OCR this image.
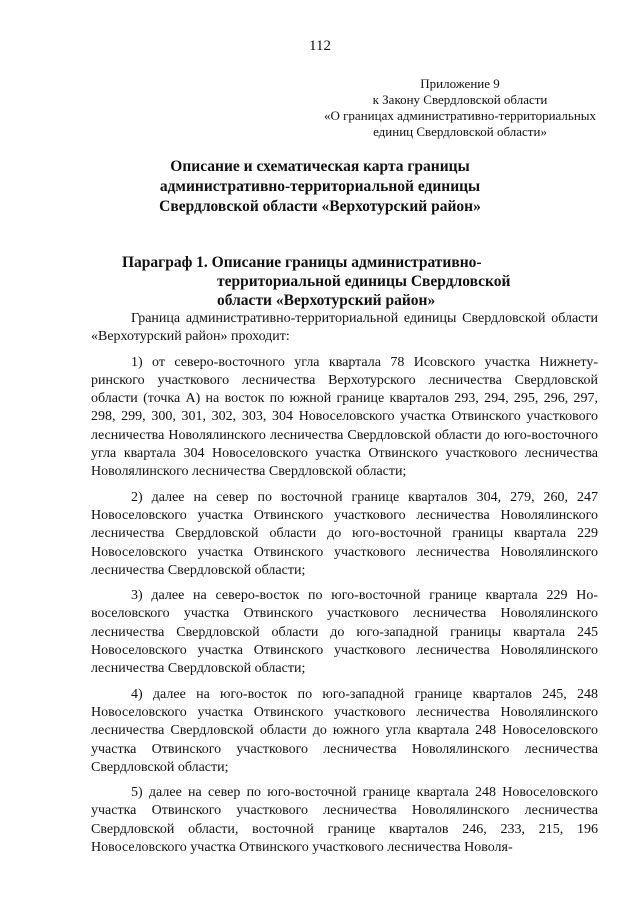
112
Приложение 9
к Закону Свердловской области
«О границах административно-территориальных
единиц Свердловской области»
Описание и схематическая карта границы
административно-территориальной единицы
Свердловской области «Верхотурский район»
Параграф 1. Описание границы административно-
территориальной единицы Свердловской
области «Верхотурский район»

Граница административно-территориальной единицы Свердловской области «Верхотурский район» проходит:

1) от северо-восточного угла квартала 78 Исовского участка Нижнетуринского участкового лесничества Верхотурского лесничества Свердловской области (точка А) на восток по южной границе кварталов 293, 294, 295, 296, 297, 298, 299, 300, 301, 302, 303, 304 Новоселовского участка Отвинского участкового лесничества Новолялинского лесничества Свердловской области до юго-восточного угла квартала 304 Новоселовского участка Отвинского участкового лесничества Новолялинского лесничества Свердловской области;

2) далее на север по восточной границе кварталов 304, 279, 260, 247 Новоселовского участка Отвинского участкового лесничества Новолялинского лесничества Свердловской области до юго-восточной границы квартала 229 Новоселовского участка Отвинского участкового лесничества Новолялинского лесничества Свердловской области;

3) далее на северо-восток по юго-восточной границе квартала 229 Новоселовского участка Отвинского участкового лесничества Новолялинского лесничества Свердловской области до юго-западной границы квартала 245 Новоселовского участка Отвинского участкового лесничества Новолялинского лесничества Свердловской области;

4) далее на юго-восток по юго-западной границе кварталов 245, 248 Новоселовского участка Отвинского участкового лесничества Новолялинского лесничества Свердловской области до южного угла квартала 248 Новоселовского участка Отвинского участкового лесничества Новолялинского лесничества Свердловской области;

5) далее на север по юго-восточной границе квартала 248 Новоселовского участка Отвинского участкового лесничества Новолялинского лесничества Свердловской области, восточной границе кварталов 246, 233, 215, 196 Новоселовского участка Отвинского участкового лесничества Новоля-
